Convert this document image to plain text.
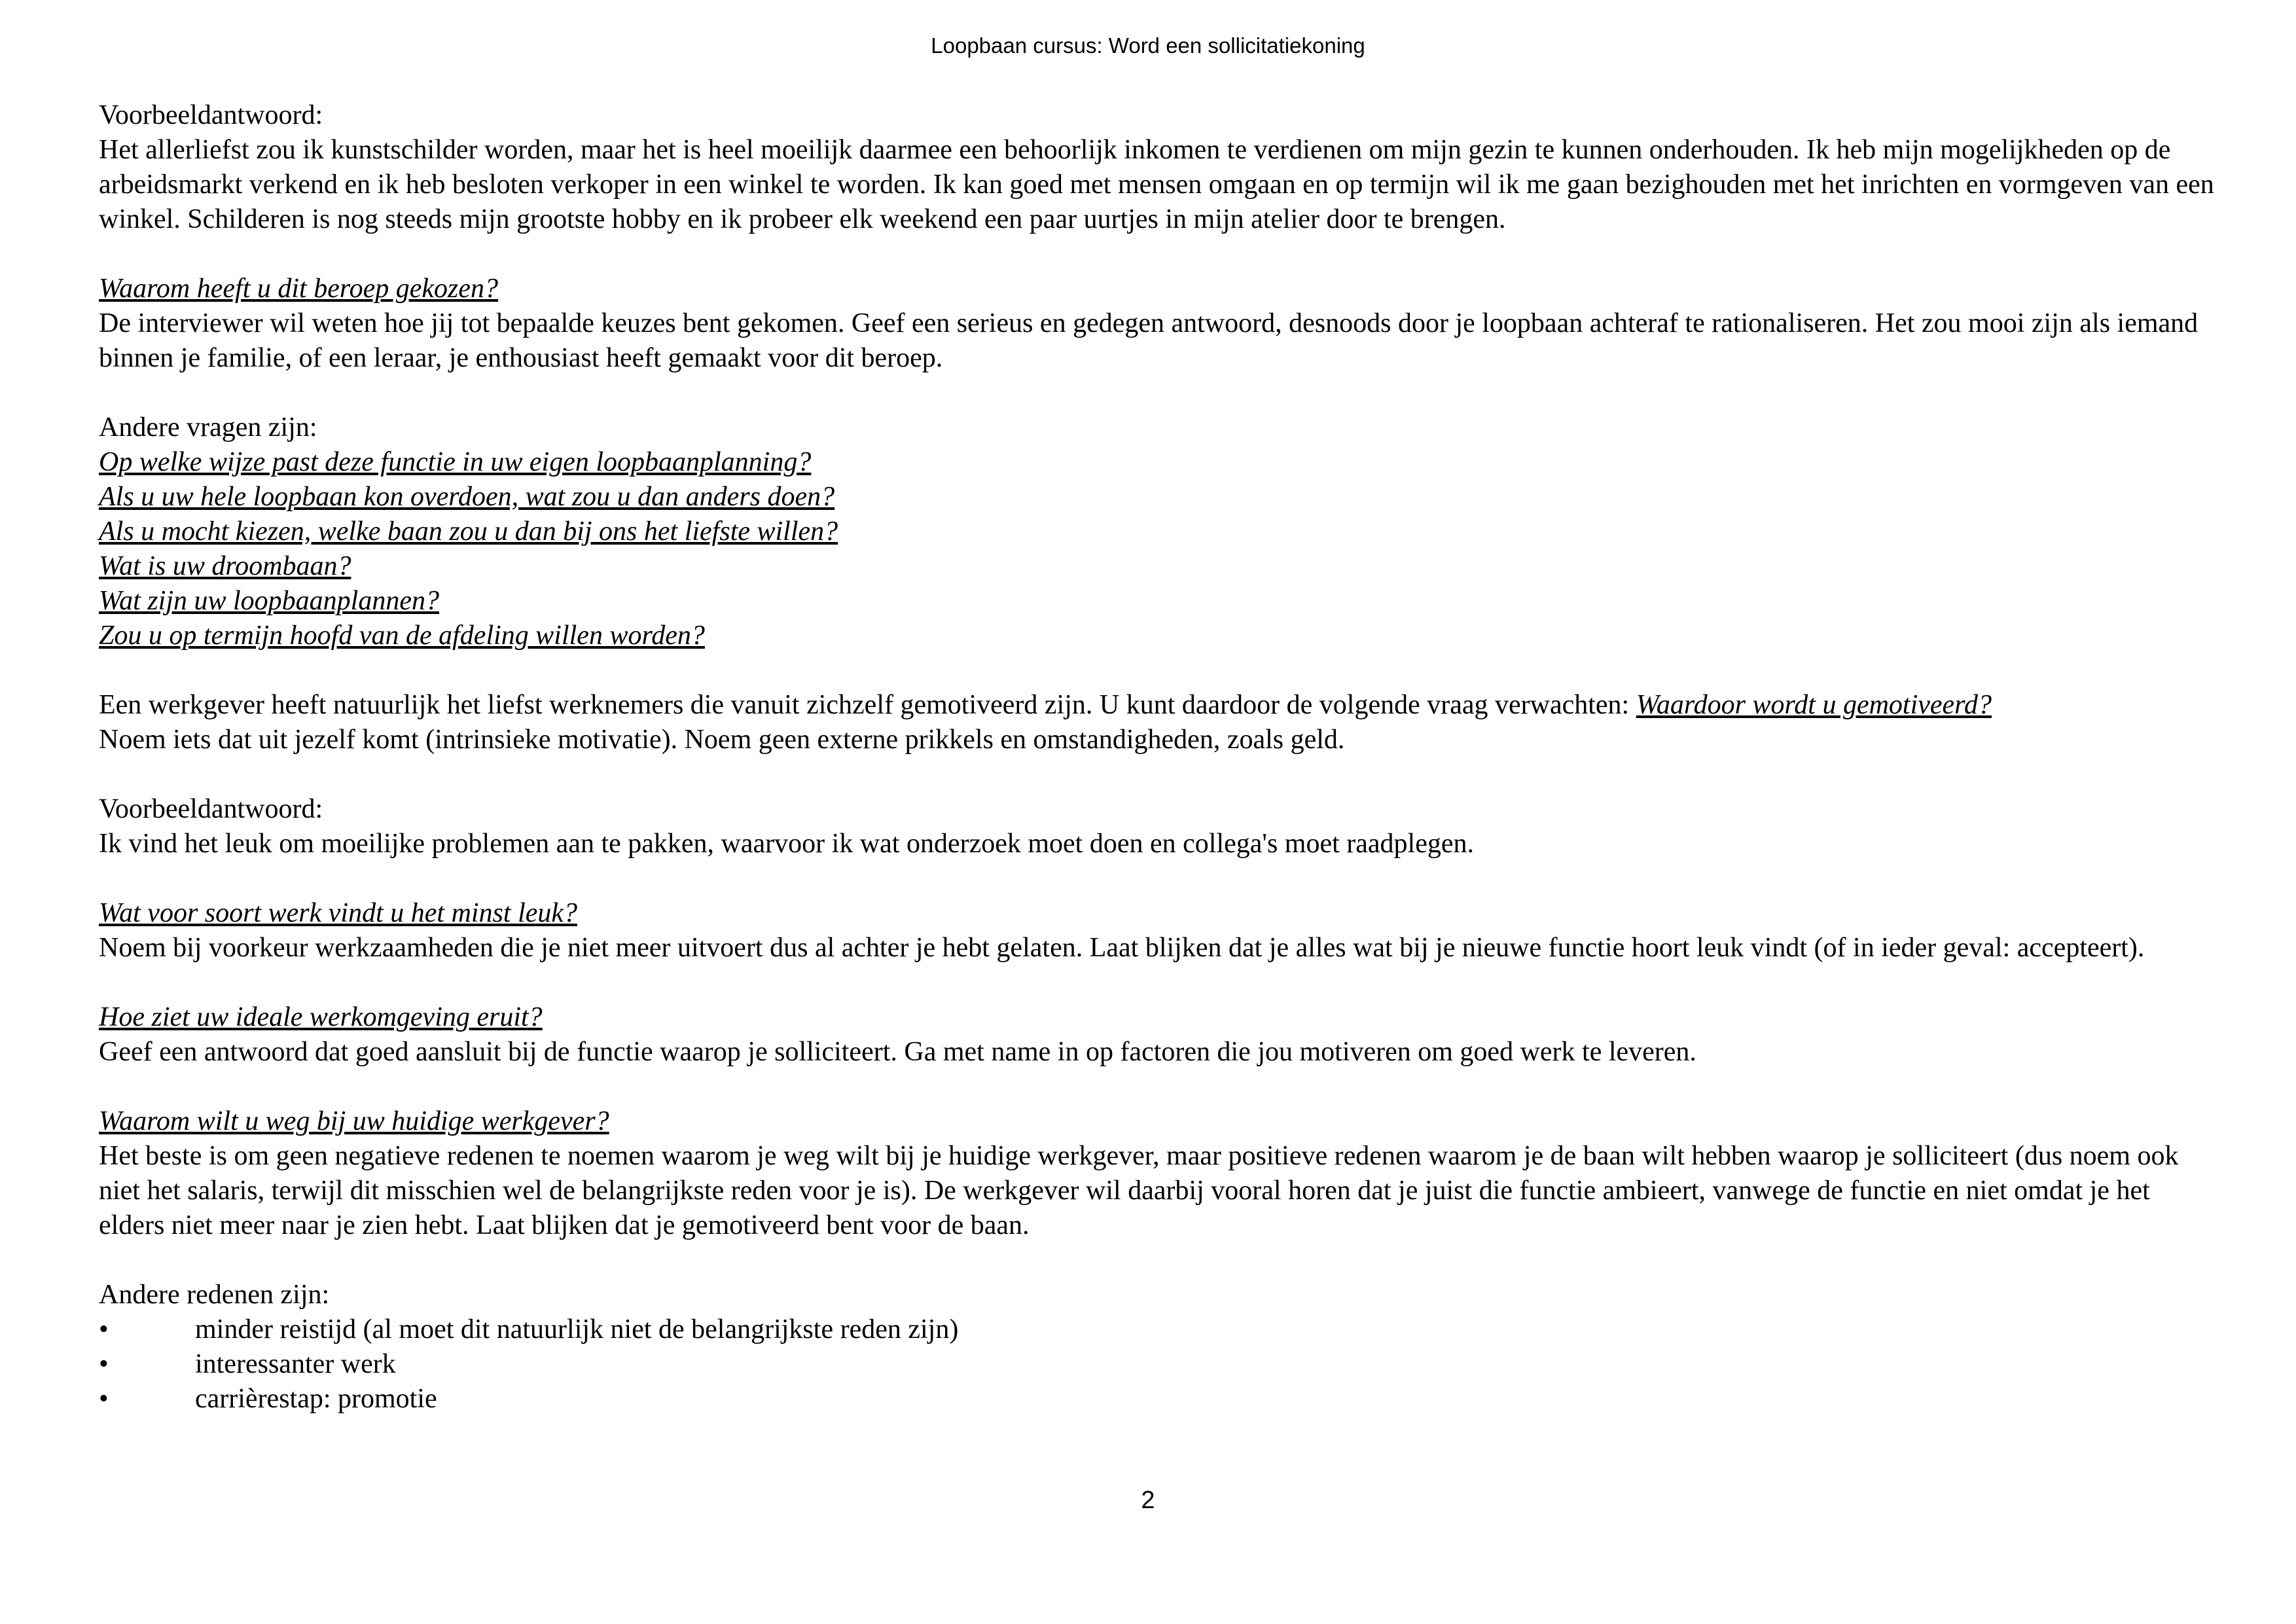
Loopbaan cursus: Word een sollicitatiekoning

Voorbeeldantwoord:
Het allerliefst zou ik kunstschilder worden, maar het is heel moeilijk daarmee een behoorlijk inkomen te verdienen om mijn gezin te kunnen onderhouden. Ik heb mijn mogelijkheden op de arbeidsmarkt verkend en ik heb besloten verkoper in een winkel te worden. Ik kan goed met mensen omgaan en op termijn wil ik me gaan bezighouden met het inrichten en vormgeven van een winkel. Schilderen is nog steeds mijn grootste hobby en ik probeer elk weekend een paar uurtjes in mijn atelier door te brengen.

Waarom heeft u dit beroep gekozen?
De interviewer wil weten hoe jij tot bepaalde keuzes bent gekomen. Geef een serieus en gedegen antwoord, desnoods door je loopbaan achteraf te rationaliseren. Het zou mooi zijn als iemand binnen je familie, of een leraar, je enthousiast heeft gemaakt voor dit beroep.

Andere vragen zijn:
Op welke wijze past deze functie in uw eigen loopbaanplanning?
Als u uw hele loopbaan kon overdoen, wat zou u dan anders doen?
Als u mocht kiezen, welke baan zou u dan bij ons het liefste willen?
Wat is uw droombaan?
Wat zijn uw loopbaanplannen?
Zou u op termijn hoofd van de afdeling willen worden?

Een werkgever heeft natuurlijk het liefst werknemers die vanuit zichzelf gemotiveerd zijn. U kunt daardoor de volgende vraag verwachten: Waardoor wordt u gemotiveerd?
Noem iets dat uit jezelf komt (intrinsieke motivatie). Noem geen externe prikkels en omstandigheden, zoals geld.

Voorbeeldantwoord:
Ik vind het leuk om moeilijke problemen aan te pakken, waarvoor ik wat onderzoek moet doen en collega's moet raadplegen.

Wat voor soort werk vindt u het minst leuk?
Noem bij voorkeur werkzaamheden die je niet meer uitvoert dus al achter je hebt gelaten. Laat blijken dat je alles wat bij je nieuwe functie hoort leuk vindt (of in ieder geval: accepteert).

Hoe ziet uw ideale werkomgeving eruit?
Geef een antwoord dat goed aansluit bij de functie waarop je solliciteert. Ga met name in op factoren die jou motiveren om goed werk te leveren.

Waarom wilt u weg bij uw huidige werkgever?
Het beste is om geen negatieve redenen te noemen waarom je weg wilt bij je huidige werkgever, maar positieve redenen waarom je de baan wilt hebben waarop je solliciteert (dus noem ook niet het salaris, terwijl dit misschien wel de belangrijkste reden voor je is). De werkgever wil daarbij vooral horen dat je juist die functie ambieert, vanwege de functie en niet omdat je het elders niet meer naar je zien hebt. Laat blijken dat je gemotiveerd bent voor de baan.

Andere redenen zijn:

•	minder reistijd (al moet dit natuurlijk niet de belangrijkste reden zijn)
•	interessanter werk
•	carrièrestap: promotie
2
